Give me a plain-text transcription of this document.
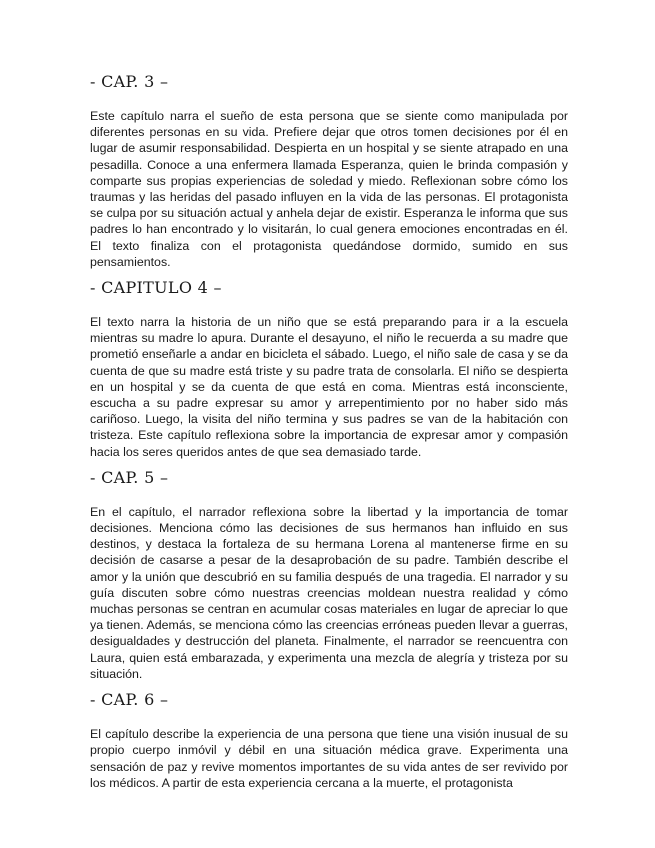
- CAP. 3 –

Este capítulo narra el sueño de esta persona que se siente como manipulada por diferentes personas en su vida. Prefiere dejar que otros tomen decisiones por él en lugar de asumir responsabilidad. Despierta en un hospital y se siente atrapado en una pesadilla. Conoce a una enfermera llamada Esperanza, quien le brinda compasión y comparte sus propias experiencias de soledad y miedo. Reflexionan sobre cómo los traumas y las heridas del pasado influyen en la vida de las personas. El protagonista se culpa por su situación actual y anhela dejar de existir. Esperanza le informa que sus padres lo han encontrado y lo visitarán, lo cual genera emociones encontradas en él. El texto finaliza con el protagonista quedándose dormido, sumido en sus pensamientos.

- CAPITULO 4 –

El texto narra la historia de un niño que se está preparando para ir a la escuela mientras su madre lo apura. Durante el desayuno, el niño le recuerda a su madre que prometió enseñarle a andar en bicicleta el sábado. Luego, el niño sale de casa y se da cuenta de que su madre está triste y su padre trata de consolarla. El niño se despierta en un hospital y se da cuenta de que está en coma. Mientras está inconsciente, escucha a su padre expresar su amor y arrepentimiento por no haber sido más cariñoso. Luego, la visita del niño termina y sus padres se van de la habitación con tristeza. Este capítulo reflexiona sobre la importancia de expresar amor y compasión hacia los seres queridos antes de que sea demasiado tarde.

- CAP. 5 –

En el capítulo, el narrador reflexiona sobre la libertad y la importancia de tomar decisiones. Menciona cómo las decisiones de sus hermanos han influido en sus destinos, y destaca la fortaleza de su hermana Lorena al mantenerse firme en su decisión de casarse a pesar de la desaprobación de su padre. También describe el amor y la unión que descubrió en su familia después de una tragedia. El narrador y su guía discuten sobre cómo nuestras creencias moldean nuestra realidad y cómo muchas personas se centran en acumular cosas materiales en lugar de apreciar lo que ya tienen. Además, se menciona cómo las creencias erróneas pueden llevar a guerras, desigualdades y destrucción del planeta. Finalmente, el narrador se reencuentra con Laura, quien está embarazada, y experimenta una mezcla de alegría y tristeza por su situación.

- CAP. 6 –

El capítulo describe la experiencia de una persona que tiene una visión inusual de su propio cuerpo inmóvil y débil en una situación médica grave. Experimenta una sensación de paz y revive momentos importantes de su vida antes de ser revivido por los médicos. A partir de esta experiencia cercana a la muerte, el protagonista
